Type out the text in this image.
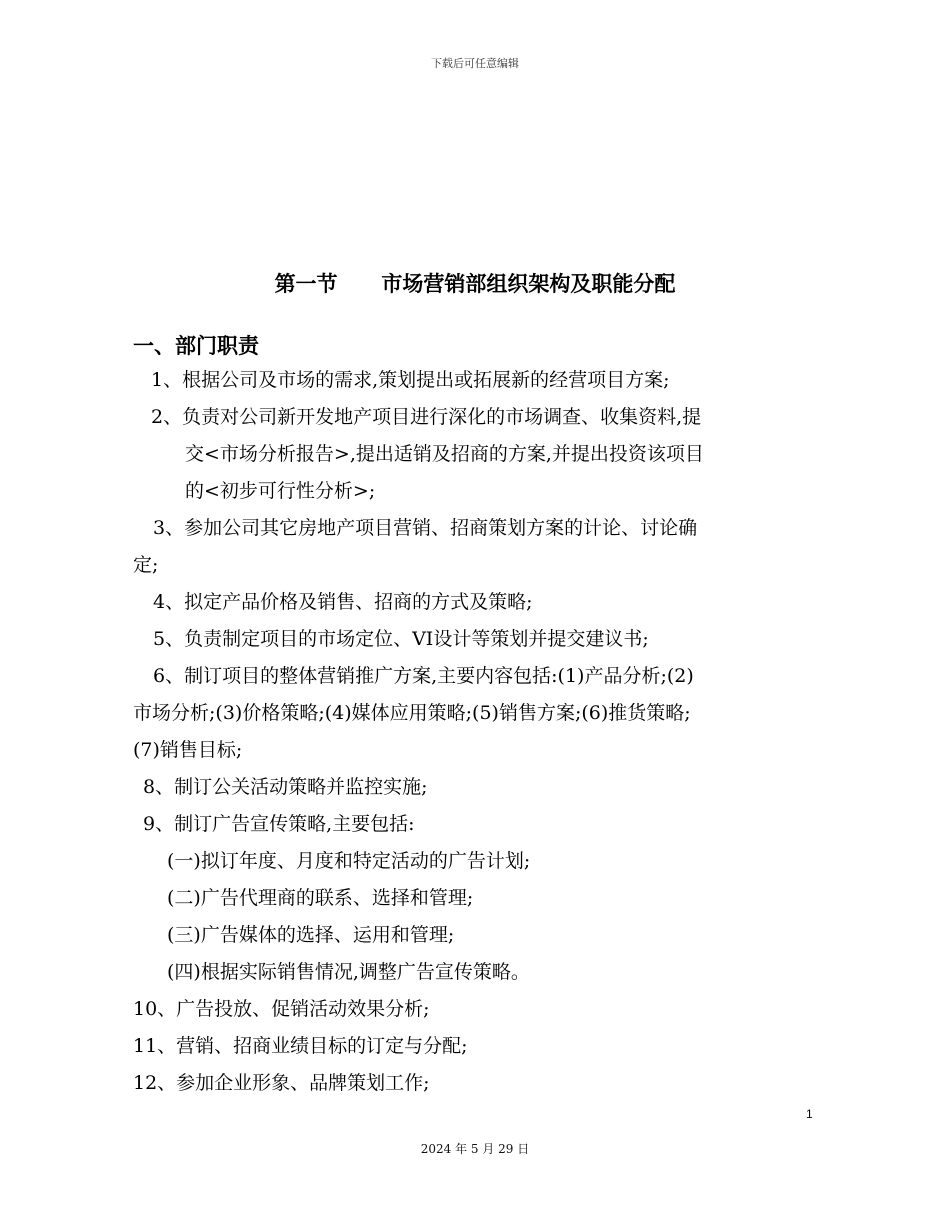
下载后可任意编辑
第一节      市场营销部组织架构及职能分配
一、部门职责
1、根据公司及市场的需求,策划提出或拓展新的经营项目方案;
2、负责对公司新开发地产项目进行深化的市场调查、收集资料,提
交<市场分析报告>,提出适销及招商的方案,并提出投资该项目
的<初步可行性分析>;
3、参加公司其它房地产项目营销、招商策划方案的计论、讨论确
定;
4、拟定产品价格及销售、招商的方式及策略;
5、负责制定项目的市场定位、VI设计等策划并提交建议书;
6、制订项目的整体营销推广方案,主要内容包括:(1)产品分析;(2)
市场分析;(3)价格策略;(4)媒体应用策略;(5)销售方案;(6)推货策略;
(7)销售目标;
8、制订公关活动策略并监控实施;
9、制订广告宣传策略,主要包括:
(一)拟订年度、月度和特定活动的广告计划;
(二)广告代理商的联系、选择和管理;
(三)广告媒体的选择、运用和管理;
(四)根据实际销售情况,调整广告宣传策略。
10、广告投放、促销活动效果分析;
11、营销、招商业绩目标的订定与分配;
12、参加企业形象、品牌策划工作;
1
2024 年 5 月 29 日
